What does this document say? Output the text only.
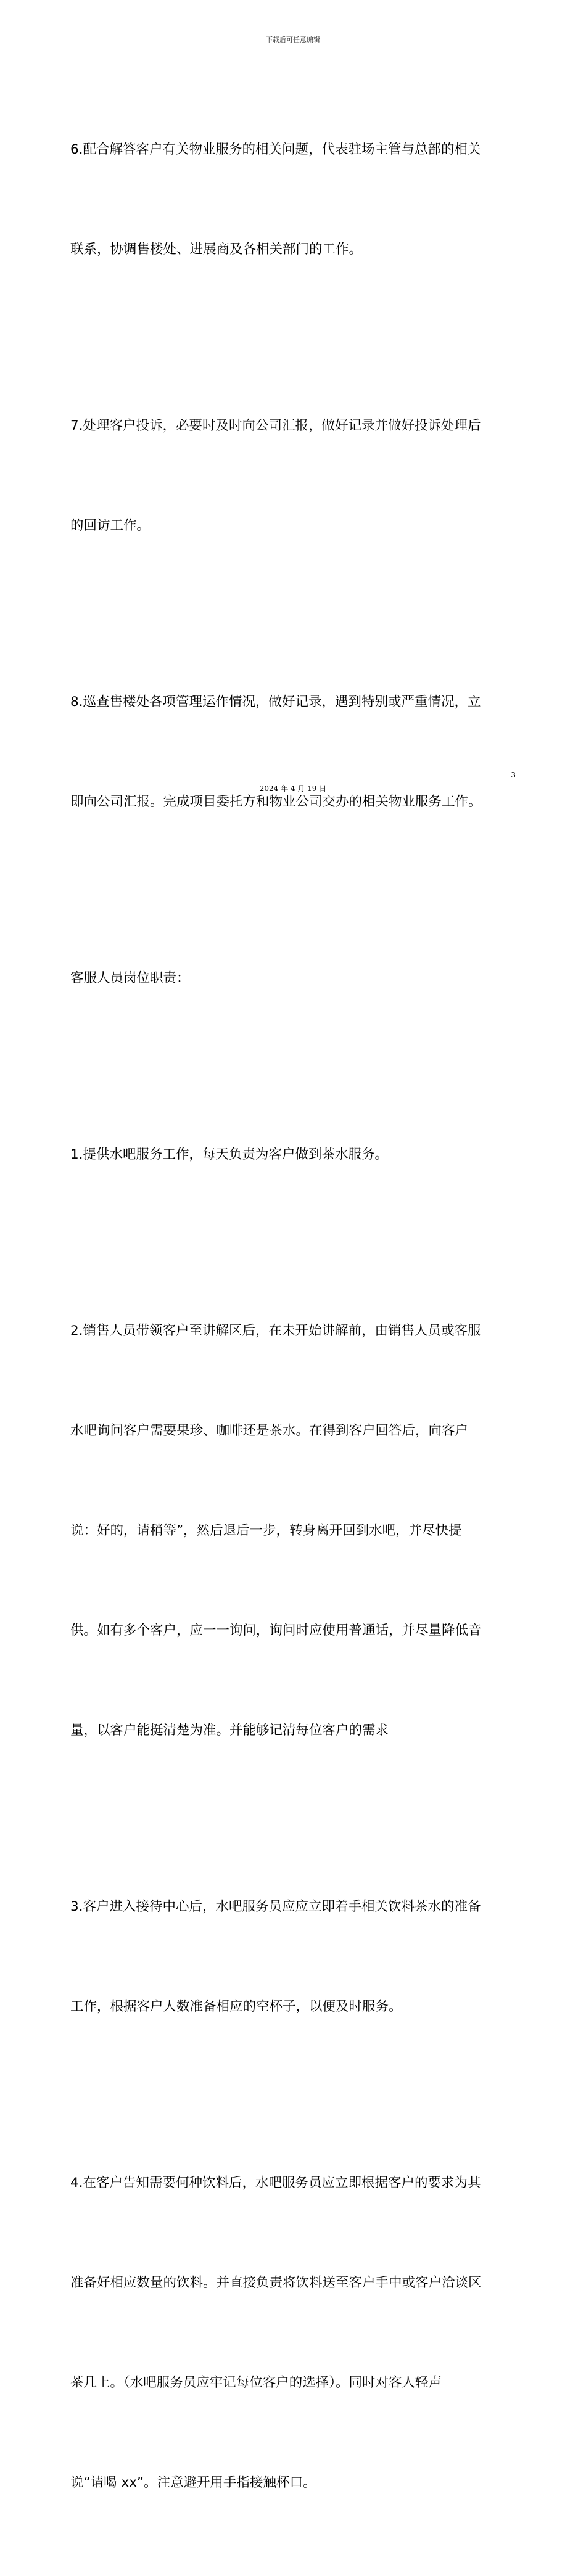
下载后可任意编辑

6.配合解答客户有关物业服务的相关问题，代表驻场主管与总部的相关

联系，协调售楼处、进展商及各相关部门的工作。

7.处理客户投诉，必要时及时向公司汇报，做好记录并做好投诉处理后

的回访工作。

8.巡查售楼处各项管理运作情况，做好记录，遇到特别或严重情况，立

即向公司汇报。完成项目委托方和物业公司交办的相关物业服务工作。

客服人员岗位职责：

1.提供水吧服务工作，每天负责为客户做到茶水服务。

2.销售人员带领客户至讲解区后，在未开始讲解前，由销售人员或客服

水吧询问客户需要果珍、咖啡还是茶水。在得到客户回答后，向客户

说：好的，请稍等”，然后退后一步，转身离开回到水吧，并尽快提

供。如有多个客户，应一一询问，询问时应使用普通话，并尽量降低音

量，以客户能挺清楚为准。并能够记清每位客户的需求

3.客户进入接待中心后，水吧服务员应应立即着手相关饮料茶水的准备

工作，根据客户人数准备相应的空杯子，以便及时服务。

4.在客户告知需要何种饮料后，水吧服务员应立即根据客户的要求为其

准备好相应数量的饮料。并直接负责将饮料送至客户手中或客户洽谈区

茶几上。（水吧服务员应牢记每位客户的选择）。同时对客人轻声

说“请喝 xx”。注意避开用手指接触杯口。

3
2024 年 4 月 19 日
